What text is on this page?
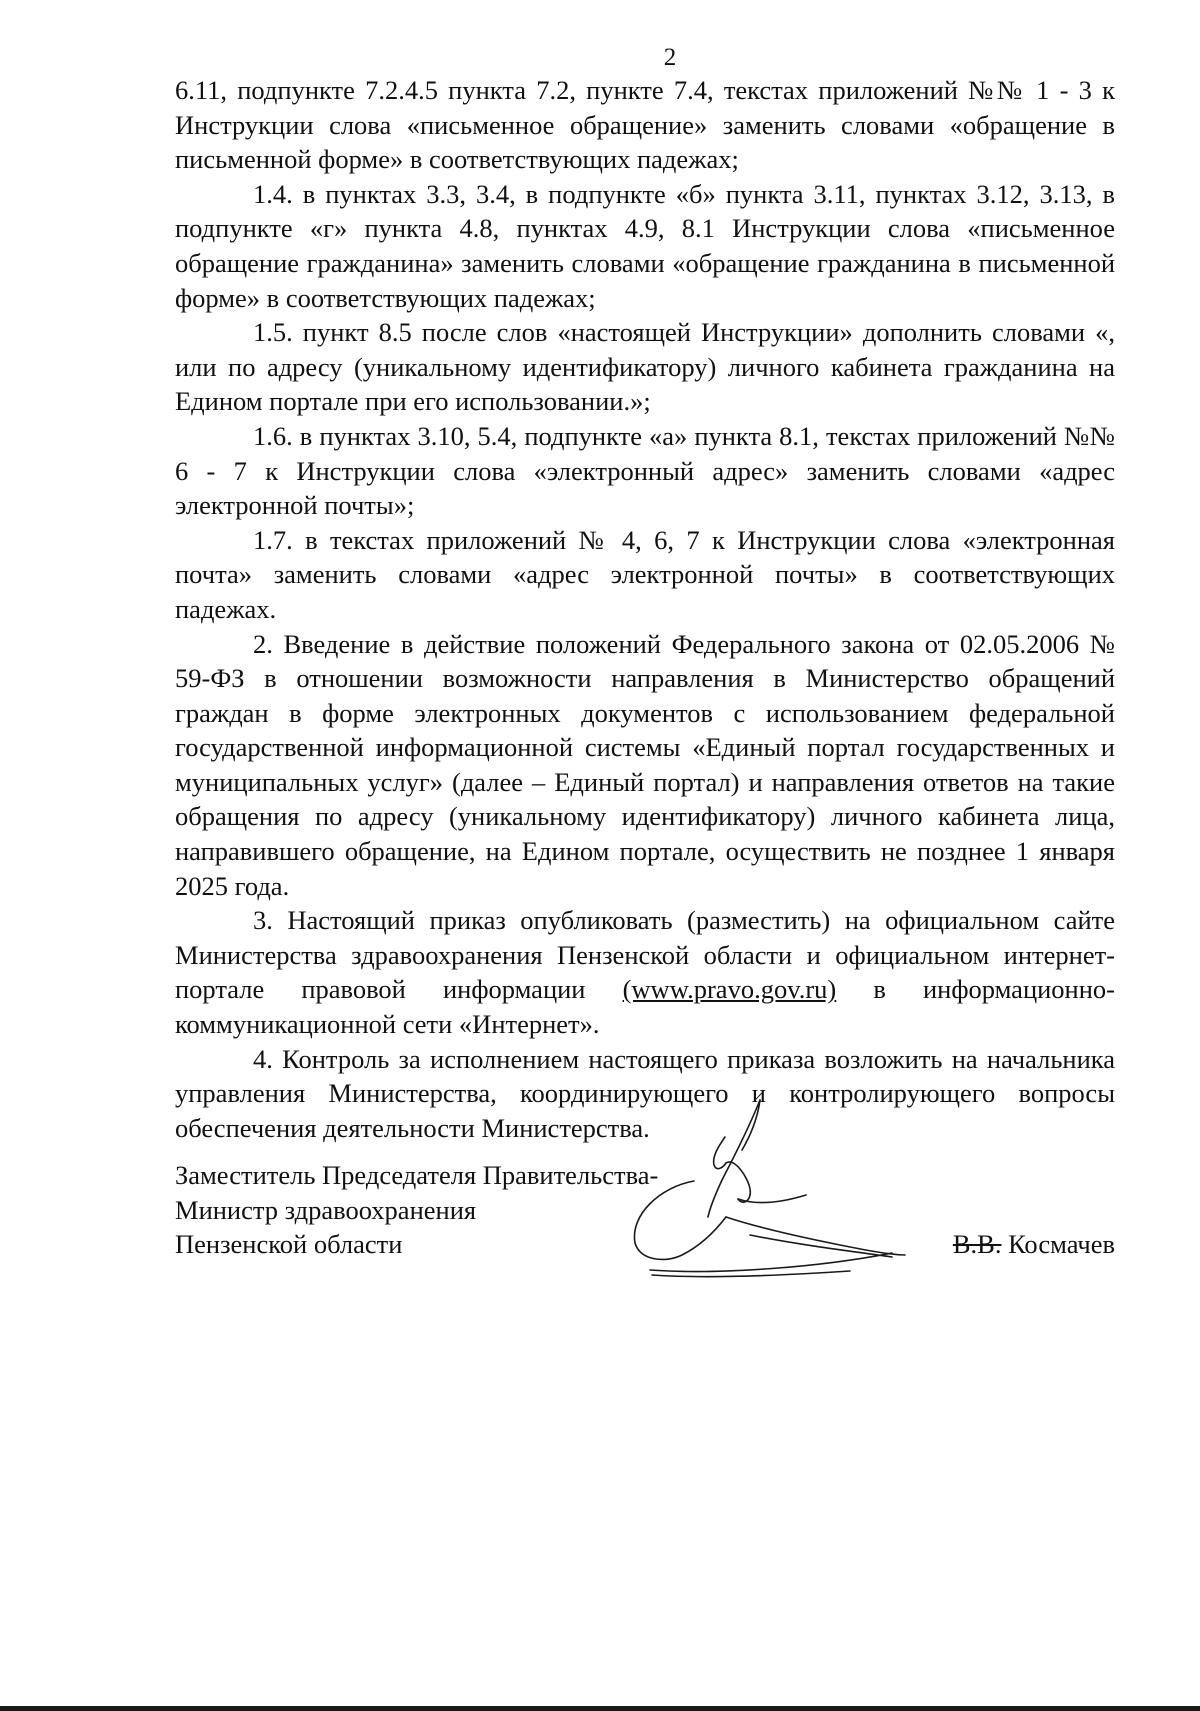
2

6.11, подпункте 7.2.4.5 пункта 7.2, пункте 7.4, текстах приложений №№ 1 - 3 к Инструкции слова «письменное обращение» заменить словами «обращение в письменной форме» в соответствующих падежах;

1.4. в пунктах 3.3, 3.4, в подпункте «б» пункта 3.11, пунктах 3.12, 3.13, в подпункте «г» пункта 4.8, пунктах 4.9, 8.1 Инструкции слова «письменное обращение гражданина» заменить словами «обращение гражданина в письменной форме» в соответствующих падежах;

1.5. пункт 8.5 после слов «настоящей Инструкции» дополнить словами «, или по адресу (уникальному идентификатору) личного кабинета гражданина на Едином портале при его использовании.»;

1.6. в пунктах 3.10, 5.4, подпункте «а» пункта 8.1, текстах приложений №№ 6 - 7 к Инструкции слова «электронный адрес» заменить словами «адрес электронной почты»;

1.7. в текстах приложений № 4, 6, 7 к Инструкции слова «электронная почта» заменить словами «адрес электронной почты» в соответствующих падежах.

2. Введение в действие положений Федерального закона от 02.05.2006 № 59-ФЗ в отношении возможности направления в Министерство обращений граждан в форме электронных документов с использованием федеральной государственной информационной системы «Единый портал государственных и муниципальных услуг» (далее – Единый портал) и направления ответов на такие обращения по адресу (уникальному идентификатору) личного кабинета лица, направившего обращение, на Едином портале, осуществить не позднее 1 января 2025 года.

3. Настоящий приказ опубликовать (разместить) на официальном сайте Министерства здравоохранения Пензенской области и официальном интернет-портале правовой информации (www.pravo.gov.ru) в информационно-коммуникационной сети «Интернет».

4. Контроль за исполнением настоящего приказа возложить на начальника управления Министерства, координирующего и контролирующего вопросы обеспечения деятельности Министерства.

Заместитель Председателя Правительства-
Министр здравоохранения
Пензенской области	В.В. Космачев
